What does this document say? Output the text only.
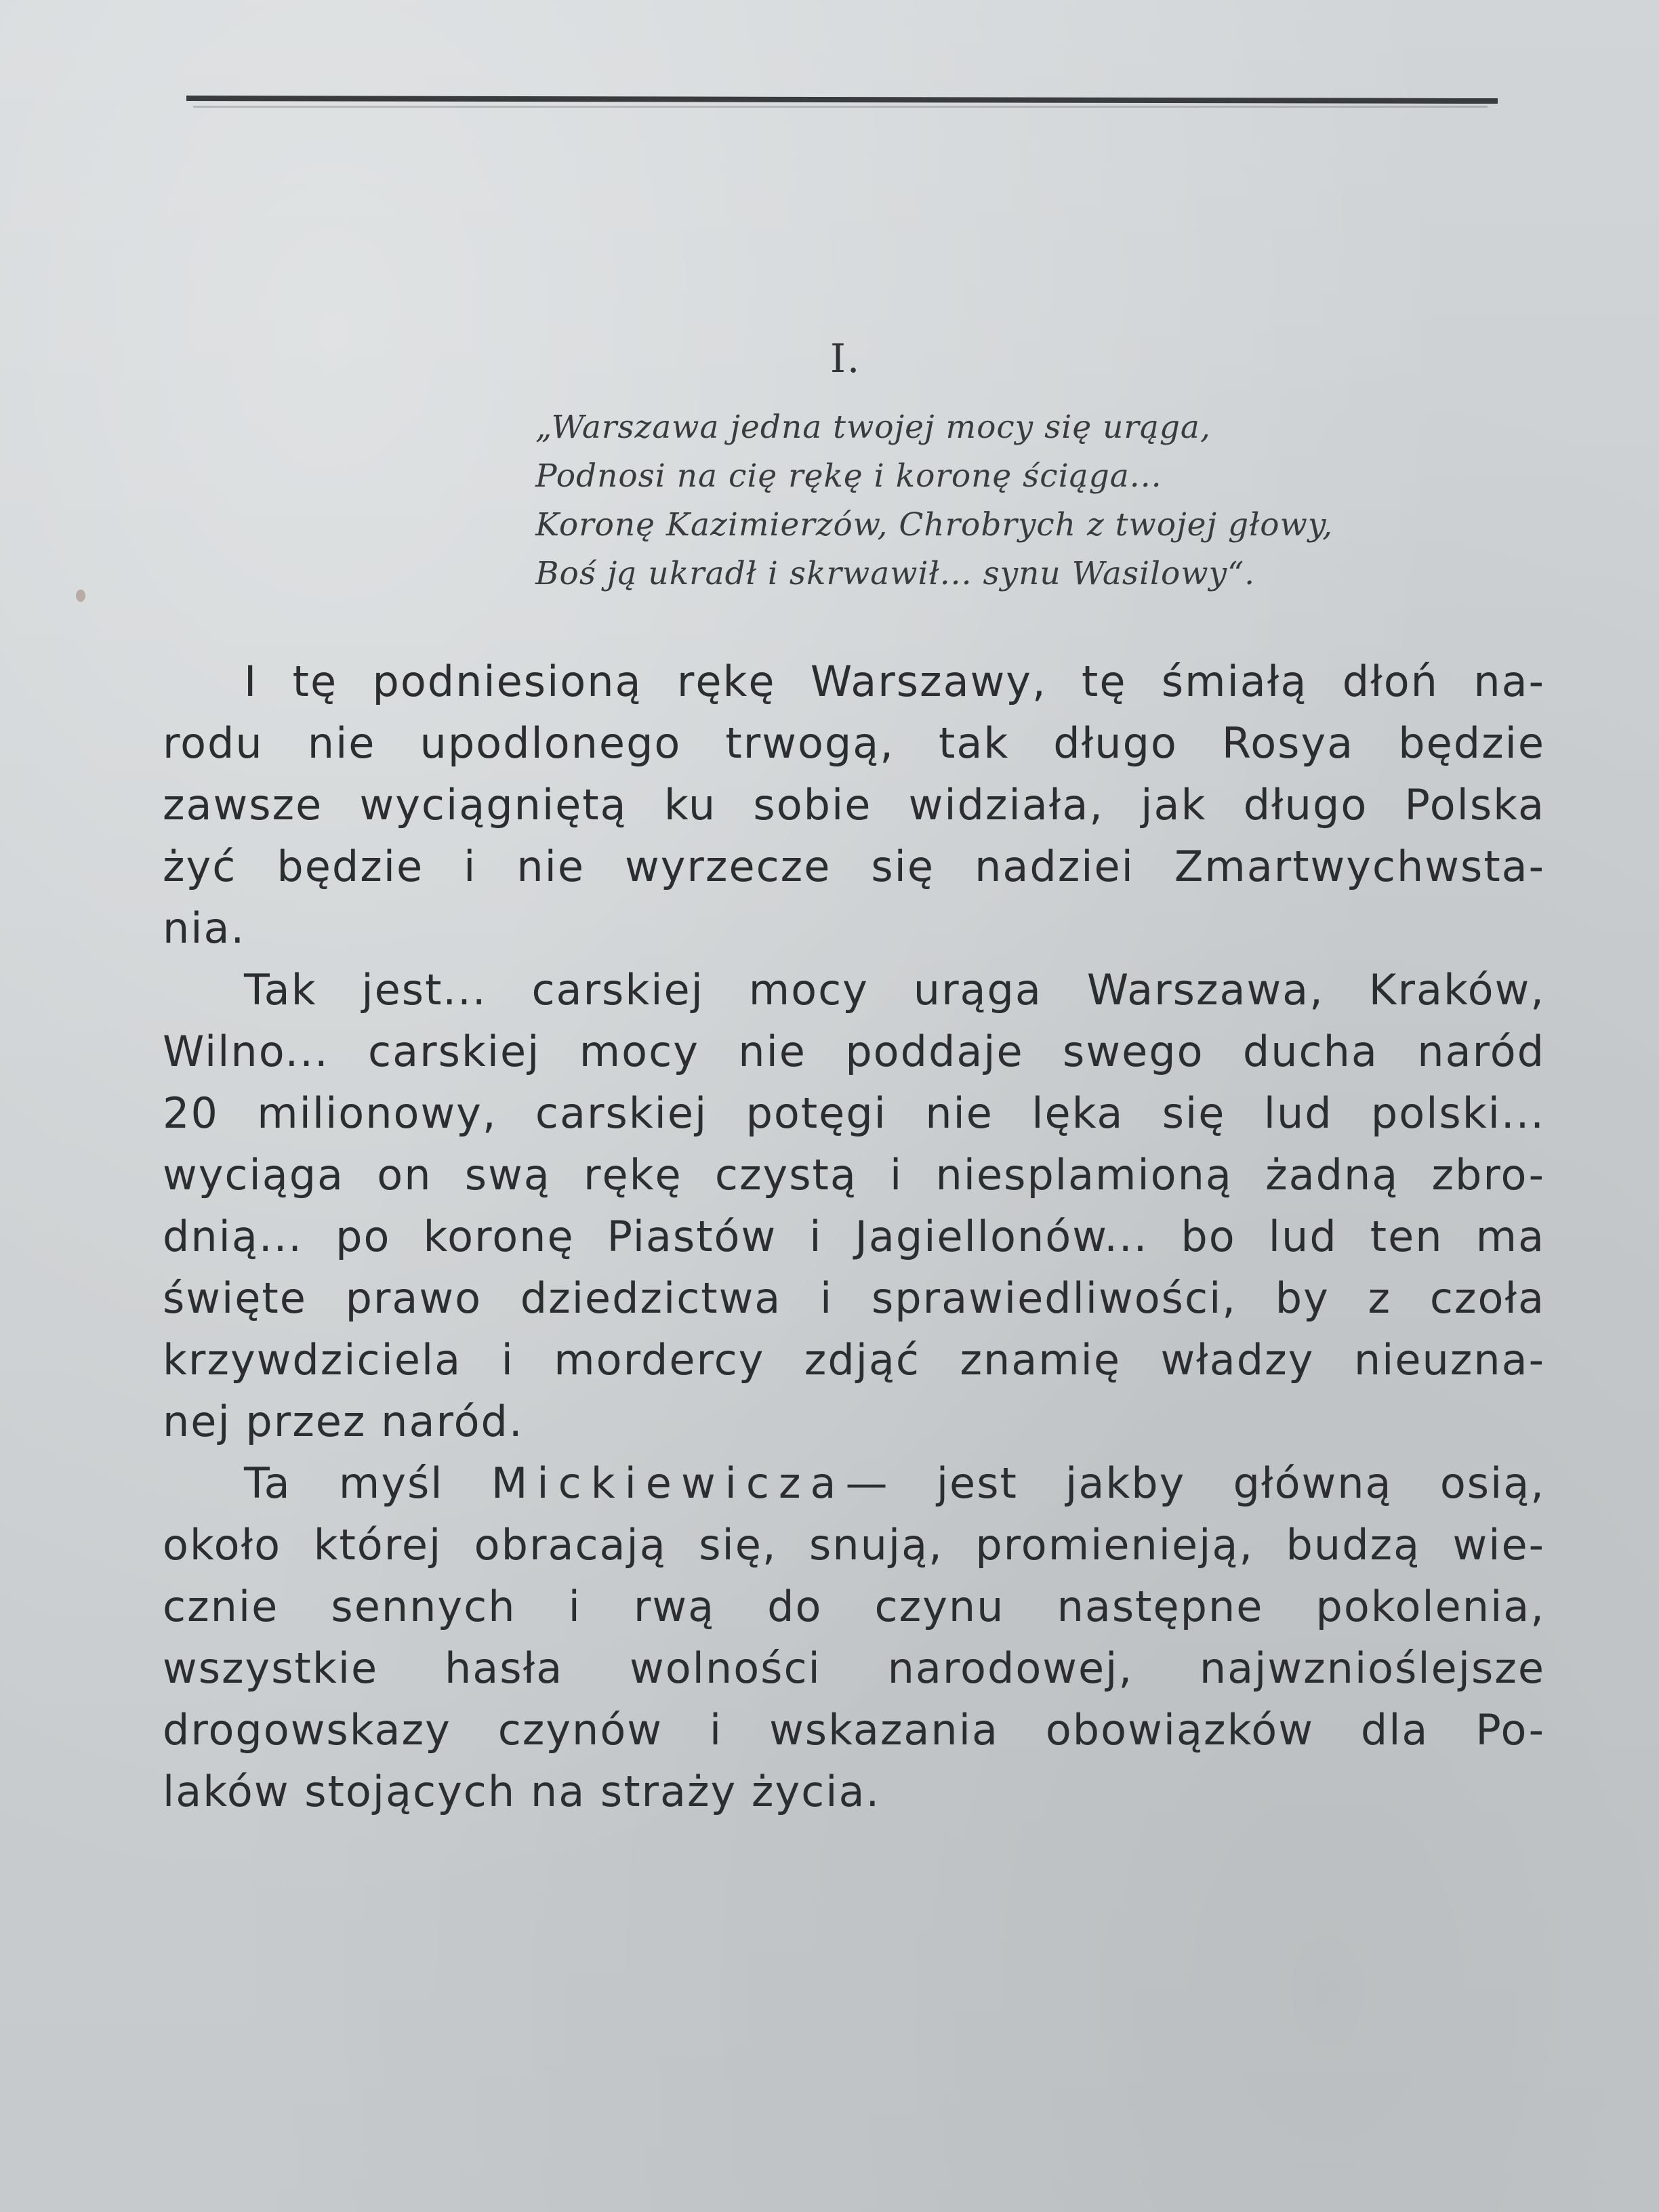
I.
„Warszawa jedna twojej mocy się urąga,
Podnosi na cię rękę i koronę ściąga...
Koronę Kazimierzów, Chrobrych z twojej głowy,
Boś ją ukradł i skrwawił... synu Wasilowy“.
I tę podniesioną rękę Warszawy, tę śmiałą dłoń na-
rodu nie upodlonego trwogą, tak długo Rosya będzie
zawsze wyciągniętą ku sobie widziała, jak długo Polska
żyć będzie i nie wyrzecze się nadziei Zmartwychwsta-
nia.
Tak jest... carskiej mocy urąga Warszawa, Kraków,
Wilno... carskiej mocy nie poddaje swego ducha naród
20 milionowy, carskiej potęgi nie lęka się lud polski...
wyciąga on swą rękę czystą i niesplamioną żadną zbro-
dnią... po koronę Piastów i Jagiellonów... bo lud ten ma
święte prawo dziedzictwa i sprawiedliwości, by z czoła
krzywdziciela i mordercy zdjąć znamię władzy nieuzna-
nej przez naród.
Ta myśl Mickiewicza— jest jakby główną osią,
około której obracają się, snują, promienieją, budzą wie-
cznie sennych i rwą do czynu następne pokolenia,
wszystkie hasła wolności narodowej, najwznioślejsze
drogowskazy czynów i wskazania obowiązków dla Po-
laków stojących na straży życia.
